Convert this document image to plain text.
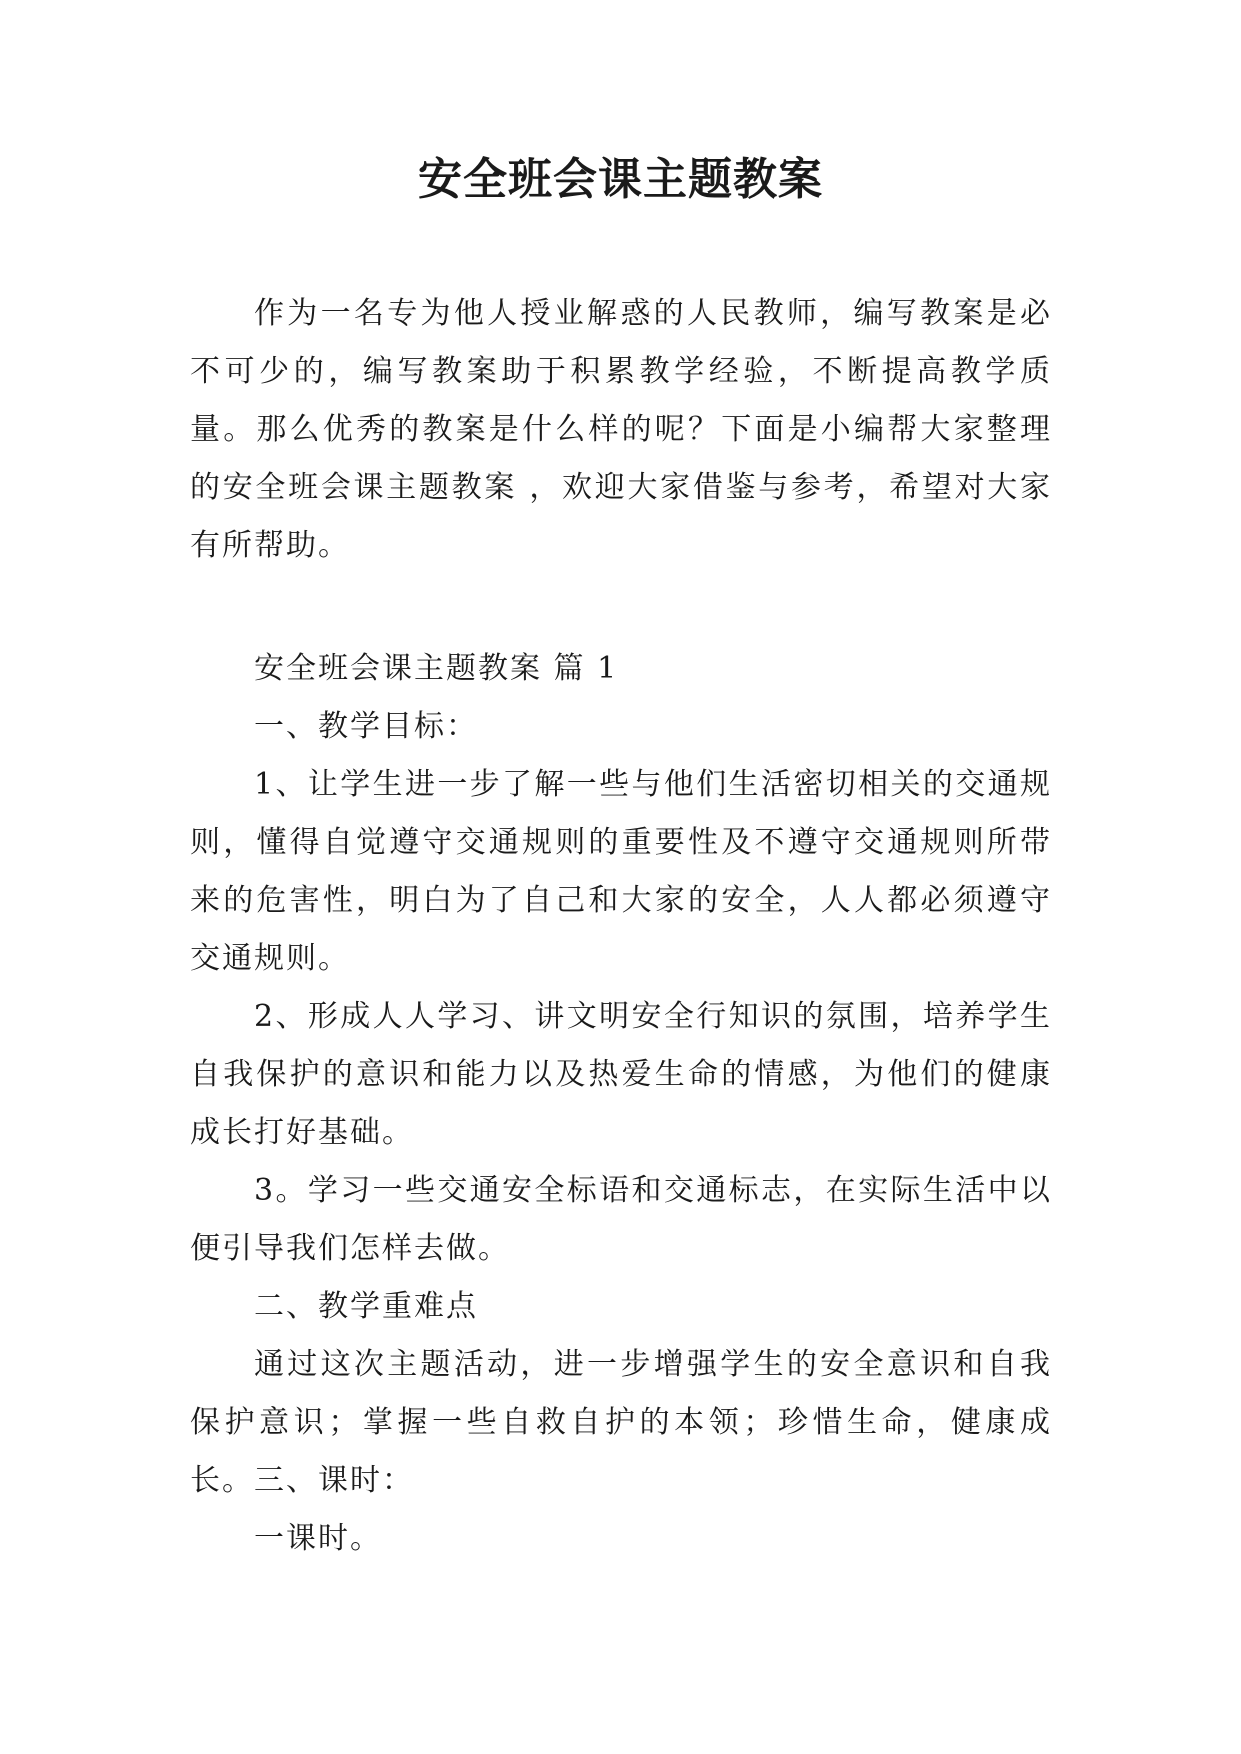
安全班会课主题教案

作为一名专为他人授业解惑的人民教师，编写教案是必不可少的，编写教案助于积累教学经验，不断提高教学质量。那么优秀的教案是什么样的呢？下面是小编帮大家整理的安全班会课主题教案 ，欢迎大家借鉴与参考，希望对大家有所帮助。

安全班会课主题教案 篇 1

一、教学目标：

1、让学生进一步了解一些与他们生活密切相关的交通规则，懂得自觉遵守交通规则的重要性及不遵守交通规则所带来的危害性，明白为了自己和大家的安全，人人都必须遵守交通规则。

2、形成人人学习、讲文明安全行知识的氛围，培养学生自我保护的意识和能力以及热爱生命的情感，为他们的健康成长打好基础。

3。学习一些交通安全标语和交通标志，在实际生活中以便引导我们怎样去做。

二、教学重难点

通过这次主题活动，进一步增强学生的安全意识和自我保护意识；掌握一些自救自护的本领；珍惜生命，健康成长。 三、课时：

一课时。
